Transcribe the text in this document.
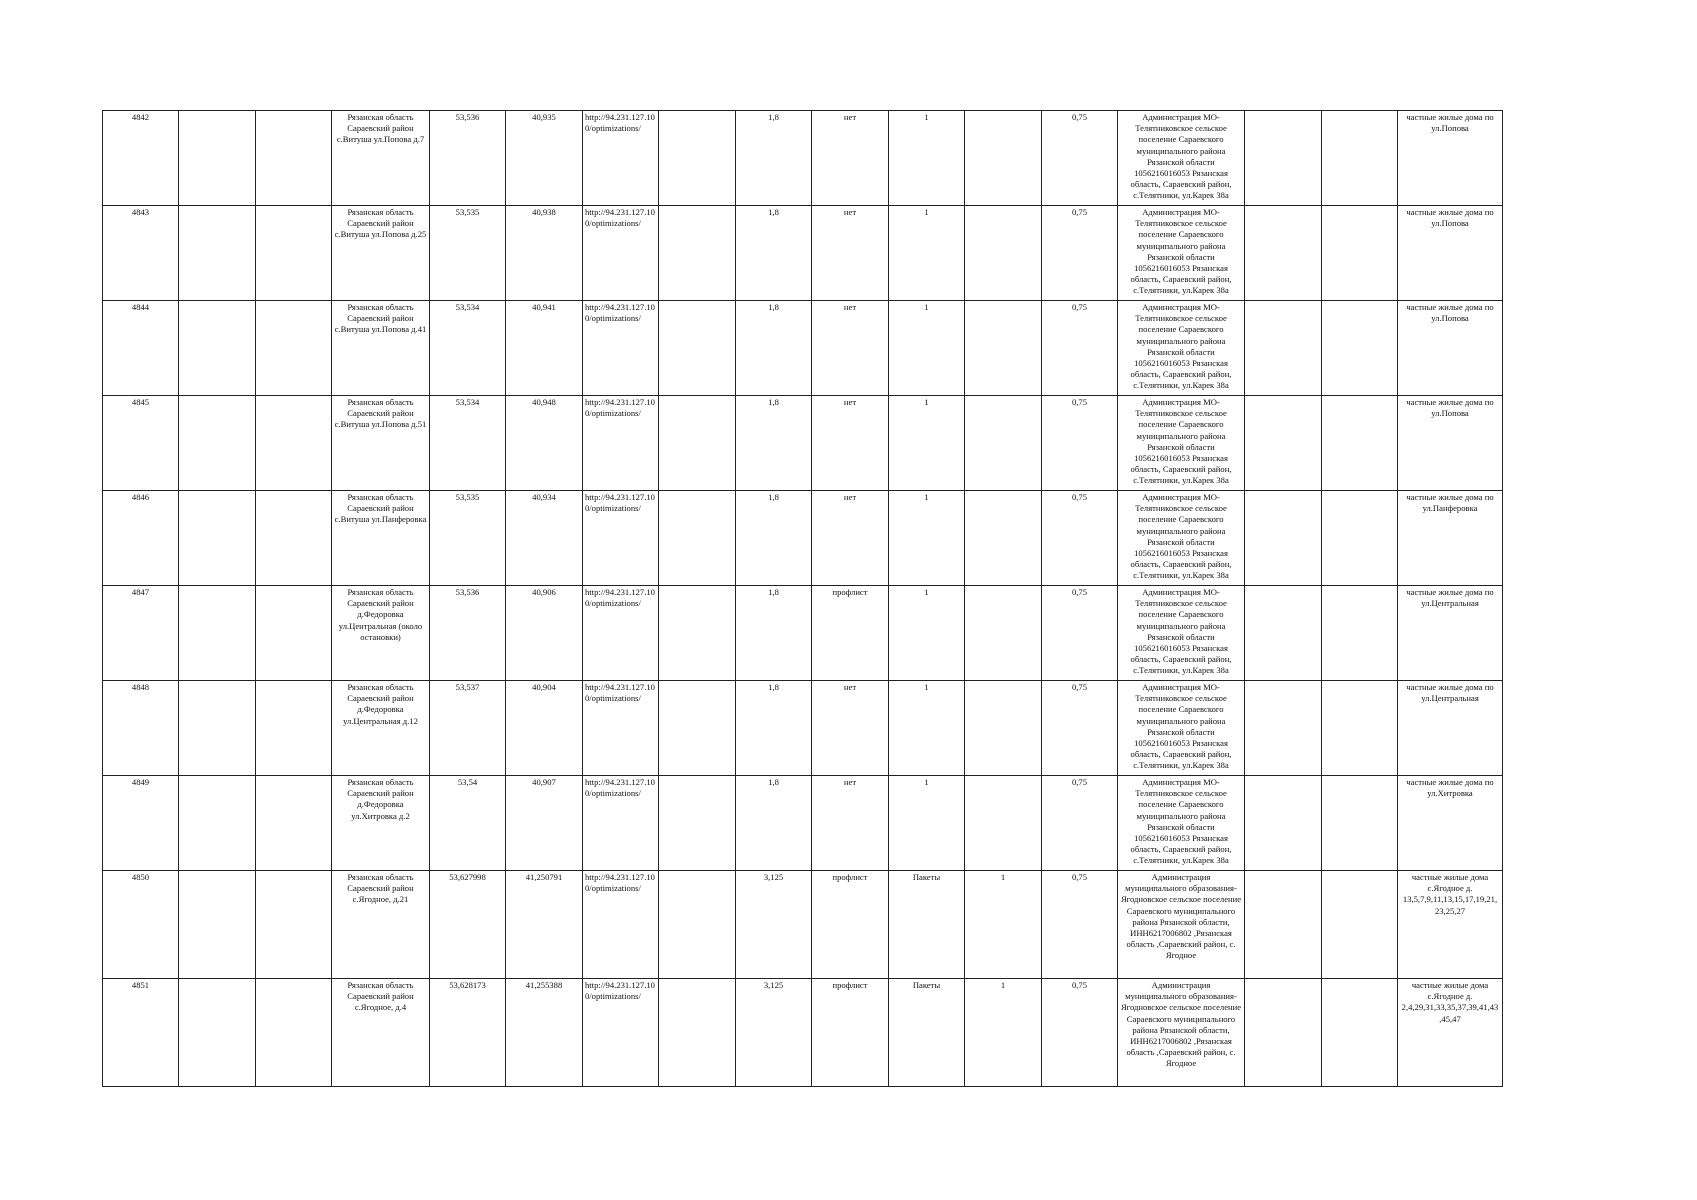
4842			Рязанская область Сараевский район с.Витуша ул.Попова д.7	53,536	40,935	http://94.231.127.10 0/optimizations/		1,8	нет	1		0,75	Администрация МО-Телятниковское сельское поселение Сараевского муниципального района Рязанской области 1056216016053 Рязанская область, Сараевский район, с.Телятники, ул.Карек 38а			частные жилые дома по ул.Попова
4843			Рязанская область Сараевский район с.Витуша ул.Попова д.25	53,535	40,938	http://94.231.127.10 0/optimizations/		1,8	нет	1		0,75	Администрация МО-Телятниковское сельское поселение Сараевского муниципального района Рязанской области 1056216016053 Рязанская область, Сараевский район, с.Телятники, ул.Карек 38а			частные жилые дома по ул.Попова
4844			Рязанская область Сараевский район с.Витуша ул.Попова д.41	53,534	40,941	http://94.231.127.10 0/optimizations/		1,8	нет	1		0,75	Администрация МО-Телятниковское сельское поселение Сараевского муниципального района Рязанской области 1056216016053 Рязанская область, Сараевский район, с.Телятники, ул.Карек 38а			частные жилые дома по ул.Попова
4845			Рязанская область Сараевский район с.Витуша ул.Попова д.51	53,534	40,948	http://94.231.127.10 0/optimizations/		1,8	нет	1		0,75	Администрация МО-Телятниковское сельское поселение Сараевского муниципального района Рязанской области 1056216016053 Рязанская область, Сараевский район, с.Телятники, ул.Карек 38а			частные жилые дома по ул.Попова
4846			Рязанская область Сараевский район с.Витуша ул.Панферовка	53,535	40,934	http://94.231.127.10 0/optimizations/		1,8	нет	1		0,75	Администрация МО-Телятниковское сельское поселение Сараевского муниципального района Рязанской области 1056216016053 Рязанская область, Сараевский район, с.Телятники, ул.Карек 38а			частные жилые дома по ул.Панферовка
4847			Рязанская область Сараевский район д.Федоровка ул.Центральная (около остановки)	53,536	40,906	http://94.231.127.10 0/optimizations/		1,8	профлист	1		0,75	Администрация МО-Телятниковское сельское поселение Сараевского муниципального района Рязанской области 1056216016053 Рязанская область, Сараевский район, с.Телятники, ул.Карек 38а			частные жилые дома по ул.Центральная
4848			Рязанская область Сараевский район д.Федоровка ул.Центральная д.12	53,537	40,904	http://94.231.127.10 0/optimizations/		1,8	нет	1		0,75	Администрация МО-Телятниковское сельское поселение Сараевского муниципального района Рязанской области 1056216016053 Рязанская область, Сараевский район, с.Телятники, ул.Карек 38а			частные жилые дома по ул.Центральная
4849			Рязанская область Сараевский район д.Федоровка ул.Хитровка д.2	53,54	40,907	http://94.231.127.10 0/optimizations/		1,8	нет	1		0,75	Администрация МО-Телятниковское сельское поселение Сараевского муниципального района Рязанской области 1056216016053 Рязанская область, Сараевский район, с.Телятники, ул.Карек 38а			частные жилые дома по ул.Хитровка
4850			Рязанская область Сараевский район с.Ягодное, д.21	53,627998	41,250791	http://94.231.127.10 0/optimizations/		3,125	профлист	Пакеты	1	0,75	Администрация муниципального образования-Ягодновское сельское поселение Сараевского муниципального района Рязанской области, ИНН6217006802 ,Рязанская область ,Сараевский район, с. Ягодное			частные жилые дома с.Ягодное д. 13,5,7,9,11,13,15,17,19,21, 23,25,27
4851			Рязанская область Сараевский район с.Ягодное, д.4	53,628173	41,255388	http://94.231.127.10 0/optimizations/		3,125	профлист	Пакеты	1	0,75	Администрация муниципального образования-Ягодновское сельское поселение Сараевского муниципального района Рязанской области, ИНН6217006802 ,Рязанская область ,Сараевский район, с. Ягодное			частные жилые дома с.Ягодное д. 2,4,29,31,33,35,37,39,41,43 ,45,47
